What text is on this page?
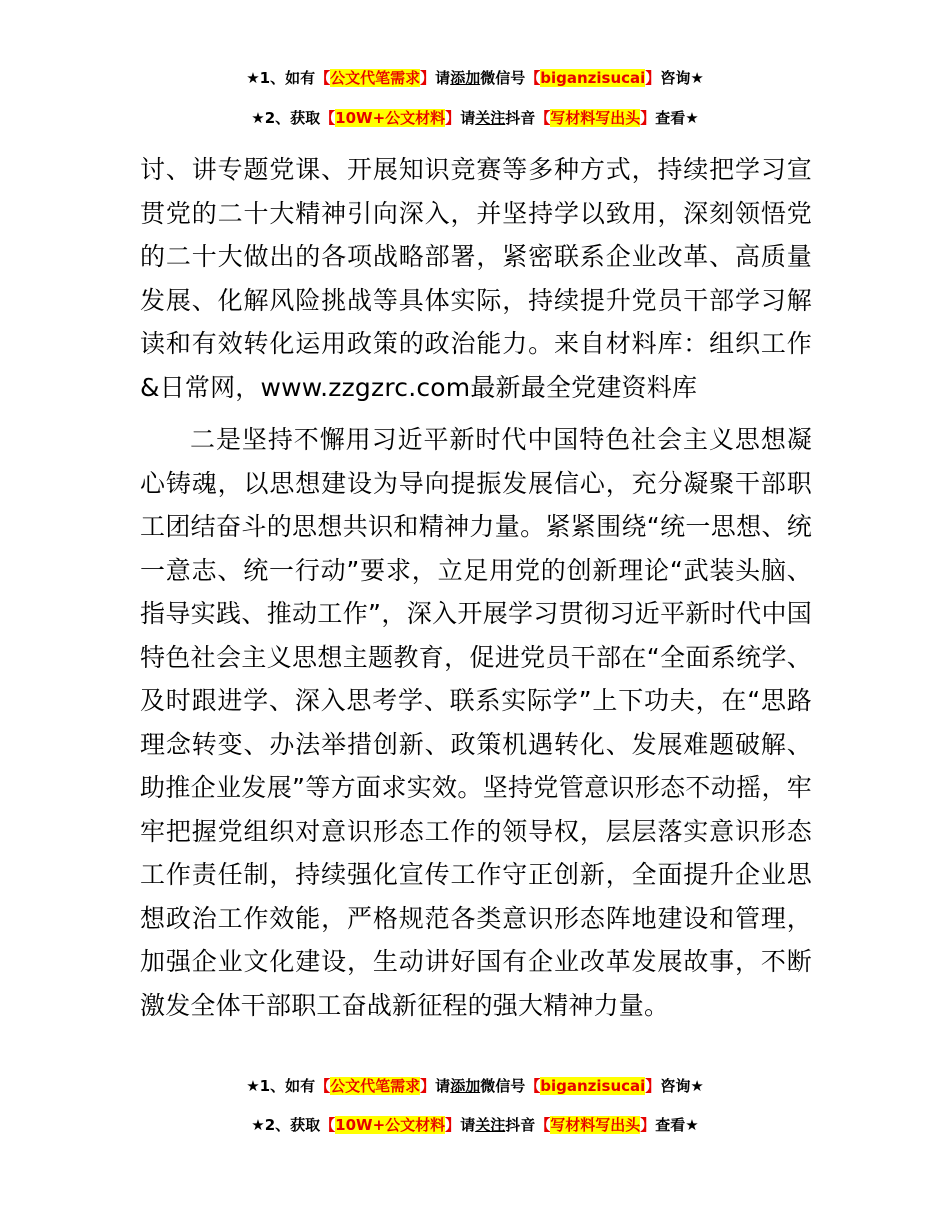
★1、如有【公文代笔需求】请添加微信号【biganzisucai】咨询★
★2、获取【10W+公文材料】请关注抖音【写材料写出头】查看★

讨、讲专题党课、开展知识竞赛等多种方式，持续把学习宣贯党的二十大精神引向深入，并坚持学以致用，深刻领悟党的二十大做出的各项战略部署，紧密联系企业改革、高质量发展、化解风险挑战等具体实际，持续提升党员干部学习解读和有效转化运用政策的政治能力。来自材料库：组织工作&日常网，www.zzgzrc.com最新最全党建资料库

二是坚持不懈用习近平新时代中国特色社会主义思想凝心铸魂，以思想建设为导向提振发展信心，充分凝聚干部职工团结奋斗的思想共识和精神力量。紧紧围绕“统一思想、统一意志、统一行动”要求，立足用党的创新理论“武装头脑、指导实践、推动工作”，深入开展学习贯彻习近平新时代中国特色社会主义思想主题教育，促进党员干部在“全面系统学、及时跟进学、深入思考学、联系实际学”上下功夫，在“思路理念转变、办法举措创新、政策机遇转化、发展难题破解、助推企业发展”等方面求实效。坚持党管意识形态不动摇，牢牢把握党组织对意识形态工作的领导权，层层落实意识形态工作责任制，持续强化宣传工作守正创新，全面提升企业思想政治工作效能，严格规范各类意识形态阵地建设和管理，加强企业文化建设，生动讲好国有企业改革发展故事，不断激发全体干部职工奋战新征程的强大精神力量。

★1、如有【公文代笔需求】请添加微信号【biganzisucai】咨询★
★2、获取【10W+公文材料】请关注抖音【写材料写出头】查看★
